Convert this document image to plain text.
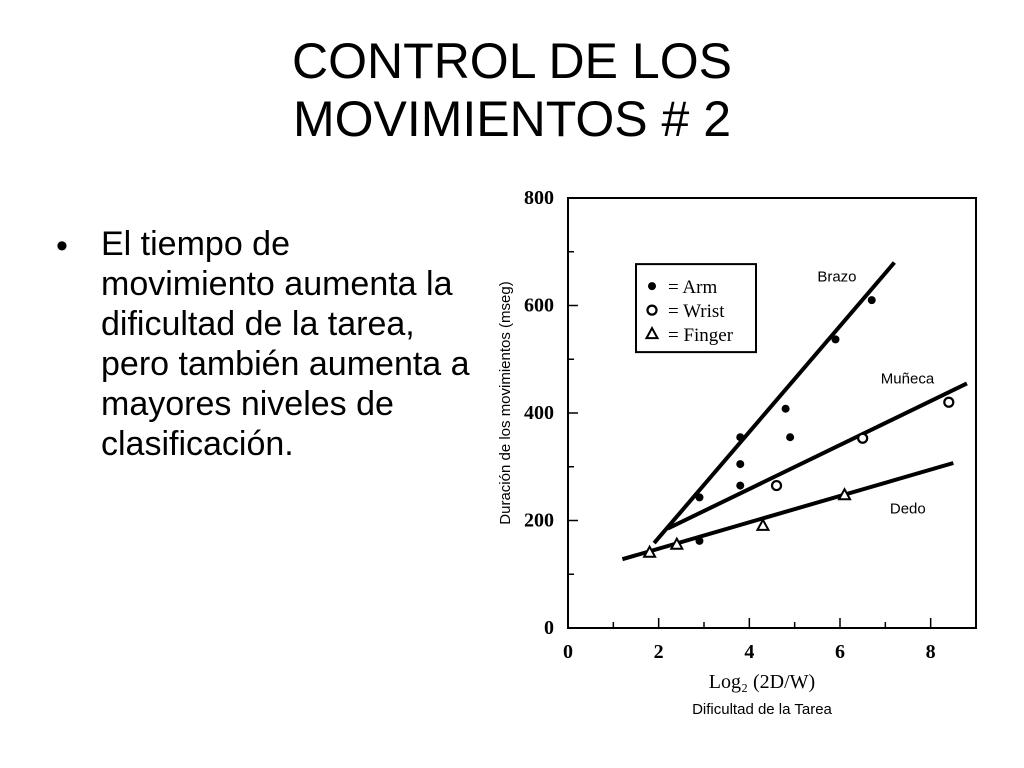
CONTROL DE LOS
MOVIMIENTOS # 2
• El tiempo de movimiento aumenta la dificultad de la tarea, pero también aumenta a mayores niveles de clasificación.
0
200
400
600
800
0	2	4	6	8
Log₂ (2D/W)
Dificultad de la Tarea
Duración de los movimientos (mseg)
Brazo
Muñeca
Dedo
= Arm
= Wrist
= Finger
